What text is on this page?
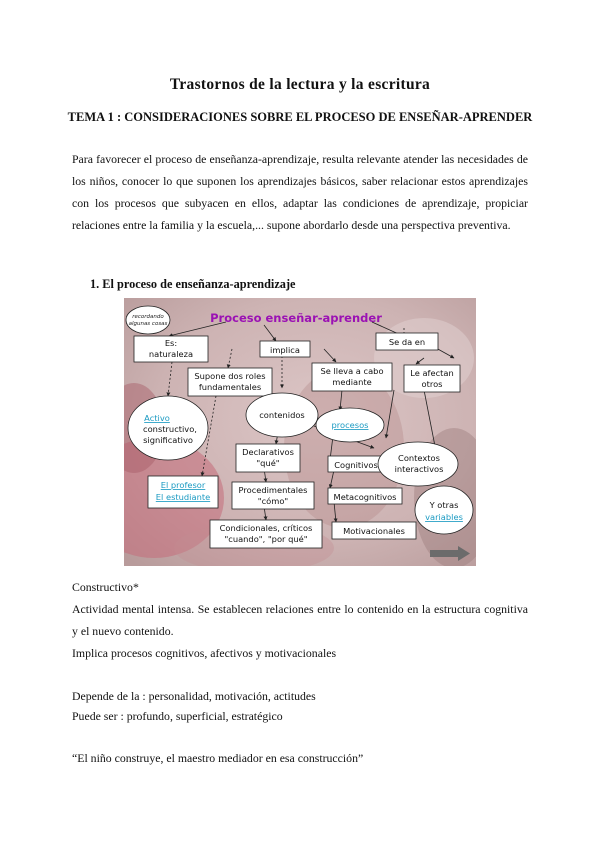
Trastornos de la lectura y la escritura
TEMA 1 : CONSIDERACIONES SOBRE EL PROCESO DE ENSEÑAR-APRENDER
Para favorecer el proceso de enseñanza-aprendizaje, resulta relevante atender las necesidades de los niños, conocer lo que suponen los aprendizajes básicos, saber relacionar estos aprendizajes con los procesos que subyacen en ellos, adaptar las condiciones de aprendizaje, propiciar relaciones entre la familia y la escuela,... supone abordarlo desde una perspectiva preventiva.
1. El proceso de enseñanza-aprendizaje
recordando
algunas cosas	Proceso enseñar-aprender
Es:
naturaleza	implica
Se da en
Supone dos roles
fundamentales
Se lleva a cabo
mediante
Le afectan
otros
Activo
constructivo,
significativo
contenidos
procesos
Contextos
interactivos
El profesor
El estudiante
Declarativos
"qué"	Cognitivos
Procedimentales
"cómo"	Metacognitivos
Y otras
variables
Condicionales, críticos
"cuando", "por qué"
Motivacionales
Constructivo*
Actividad mental intensa. Se establecen relaciones entre lo contenido en la estructura cognitiva y el nuevo contenido.
Implica procesos cognitivos, afectivos y motivacionales
Depende de la : personalidad, motivación, actitudes
Puede ser : profundo, superficial, estratégico
“El niño construye, el maestro mediador en esa construcción”
